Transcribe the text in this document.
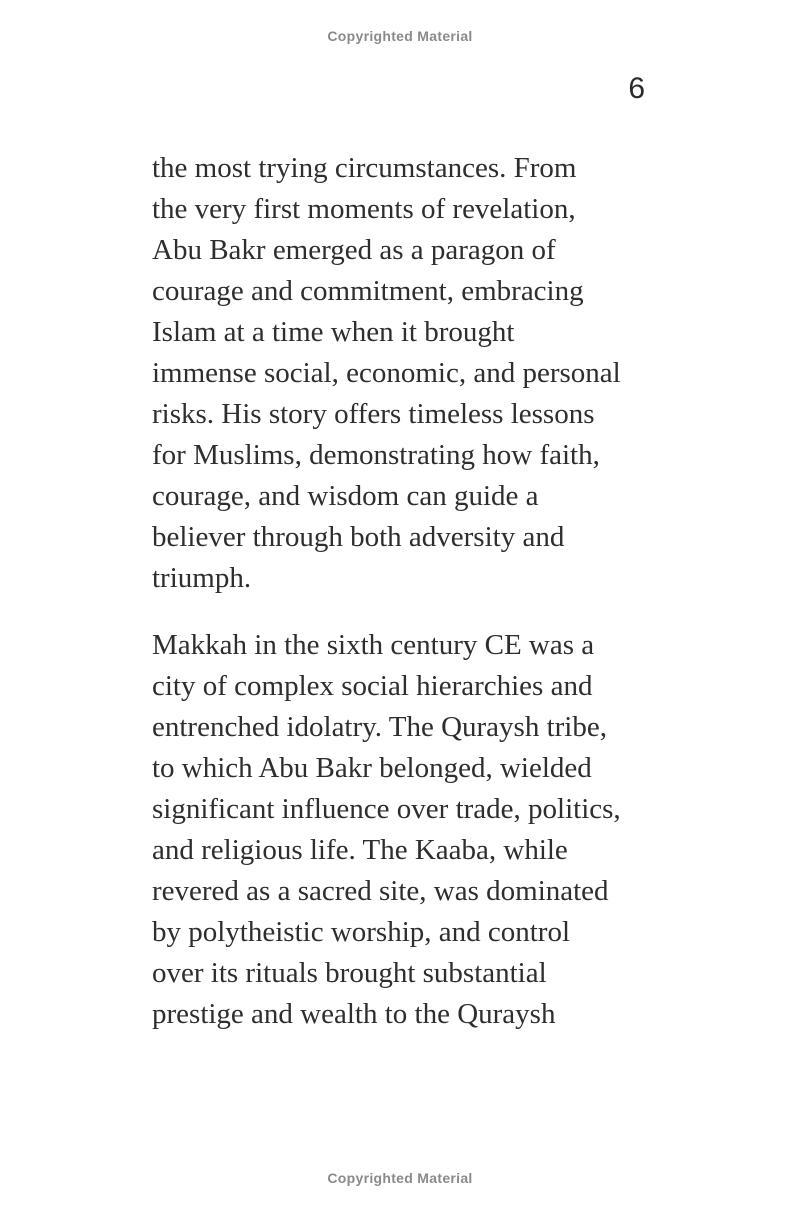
Copyrighted Material
6
the most trying circumstances. From
the very first moments of revelation,
Abu Bakr emerged as a paragon of
courage and commitment, embracing
Islam at a time when it brought
immense social, economic, and personal
risks. His story offers timeless lessons
for Muslims, demonstrating how faith,
courage, and wisdom can guide a
believer through both adversity and
triumph.
Makkah in the sixth century CE was a
city of complex social hierarchies and
entrenched idolatry. The Quraysh tribe,
to which Abu Bakr belonged, wielded
significant influence over trade, politics,
and religious life. The Kaaba, while
revered as a sacred site, was dominated
by polytheistic worship, and control
over its rituals brought substantial
prestige and wealth to the Quraysh
Copyrighted Material
